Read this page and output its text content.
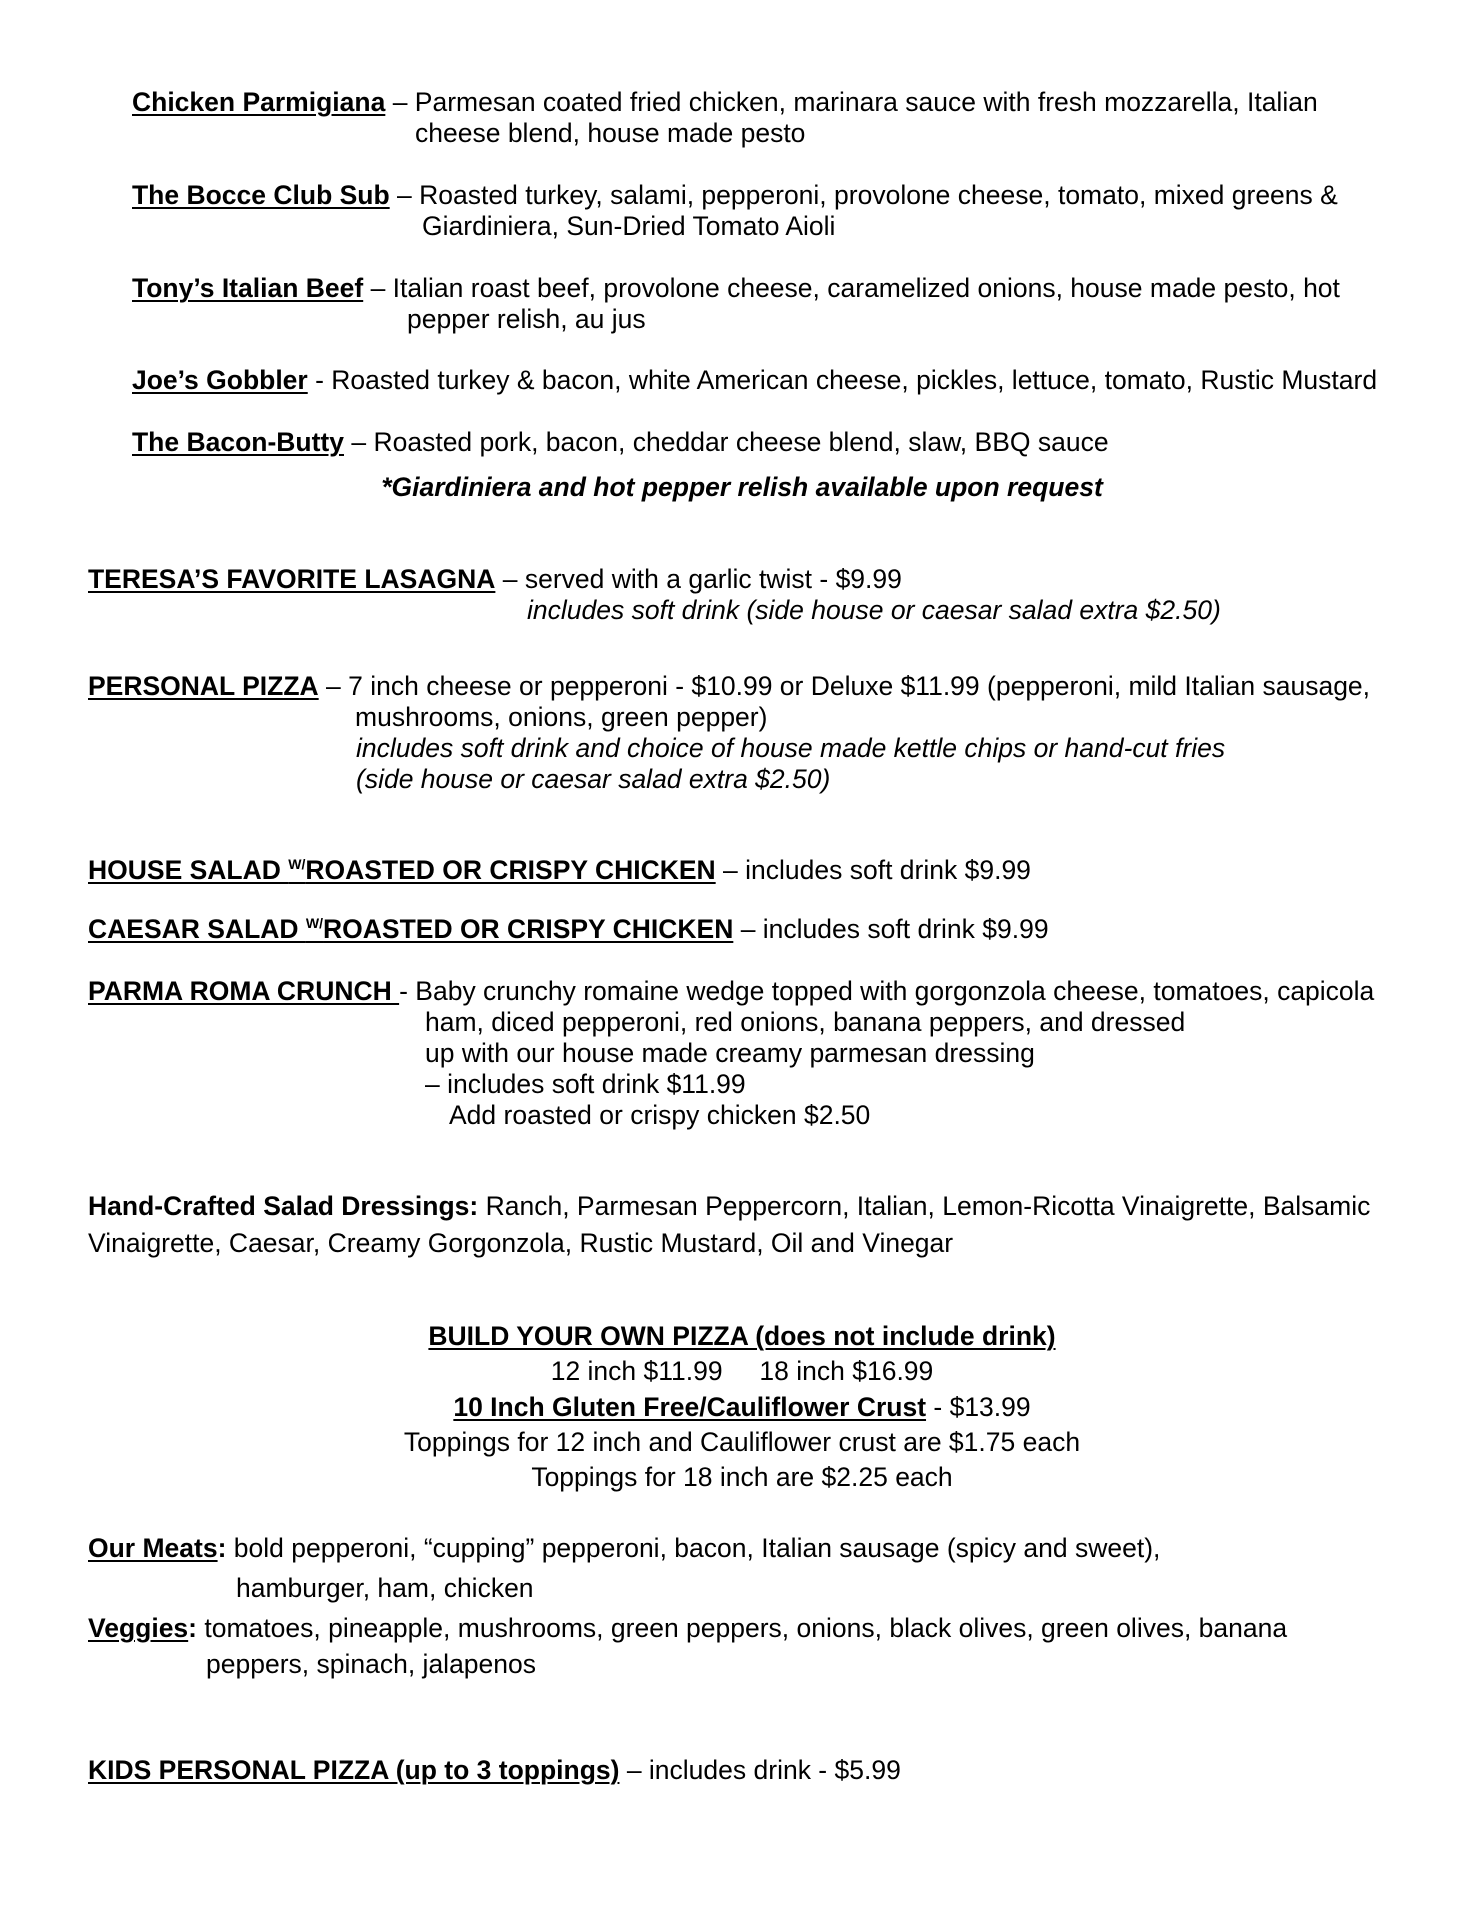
Chicken Parmigiana – Parmesan coated fried chicken, marinara sauce with fresh mozzarella, Italian
cheese blend, house made pesto
The Bocce Club Sub – Roasted turkey, salami, pepperoni, provolone cheese, tomato, mixed greens &
Giardiniera, Sun-Dried Tomato Aioli
Tony’s Italian Beef – Italian roast beef, provolone cheese, caramelized onions, house made pesto, hot
pepper relish, au jus
Joe’s Gobbler - Roasted turkey & bacon, white American cheese, pickles, lettuce, tomato, Rustic Mustard
The Bacon-Butty – Roasted pork, bacon, cheddar cheese blend, slaw, BBQ sauce
*Giardiniera and hot pepper relish available upon request
TERESA’S FAVORITE LASAGNA – served with a garlic twist - $9.99
includes soft drink (side house or caesar salad extra $2.50)
PERSONAL PIZZA – 7 inch cheese or pepperoni - $10.99 or Deluxe $11.99 (pepperoni, mild Italian sausage,
mushrooms, onions, green pepper)
includes soft drink and choice of house made kettle chips or hand-cut fries
(side house or caesar salad extra $2.50)
HOUSE SALAD $^{W/}$ROASTED OR CRISPY CHICKEN – includes soft drink $9.99
CAESAR SALAD $^{W/}$ROASTED OR CRISPY CHICKEN – includes soft drink $9.99
PARMA ROMA CRUNCH - Baby crunchy romaine wedge topped with gorgonzola cheese, tomatoes, capicola
ham, diced pepperoni, red onions, banana peppers, and dressed
up with our house made creamy parmesan dressing
– includes soft drink $11.99
Add roasted or crispy chicken $2.50
Hand-Crafted Salad Dressings: Ranch, Parmesan Peppercorn, Italian, Lemon-Ricotta Vinaigrette, Balsamic
Vinaigrette, Caesar, Creamy Gorgonzola, Rustic Mustard, Oil and Vinegar
BUILD YOUR OWN PIZZA (does not include drink)
12 inch $11.99     18 inch $16.99
10 Inch Gluten Free/Cauliflower Crust - $13.99
Toppings for 12 inch and Cauliflower crust are $1.75 each
Toppings for 18 inch are $2.25 each
Our Meats: bold pepperoni, “cupping” pepperoni, bacon, Italian sausage (spicy and sweet),
hamburger, ham, chicken
Veggies: tomatoes, pineapple, mushrooms, green peppers, onions, black olives, green olives, banana
peppers, spinach, jalapenos
KIDS PERSONAL PIZZA (up to 3 toppings) – includes drink - $5.99
